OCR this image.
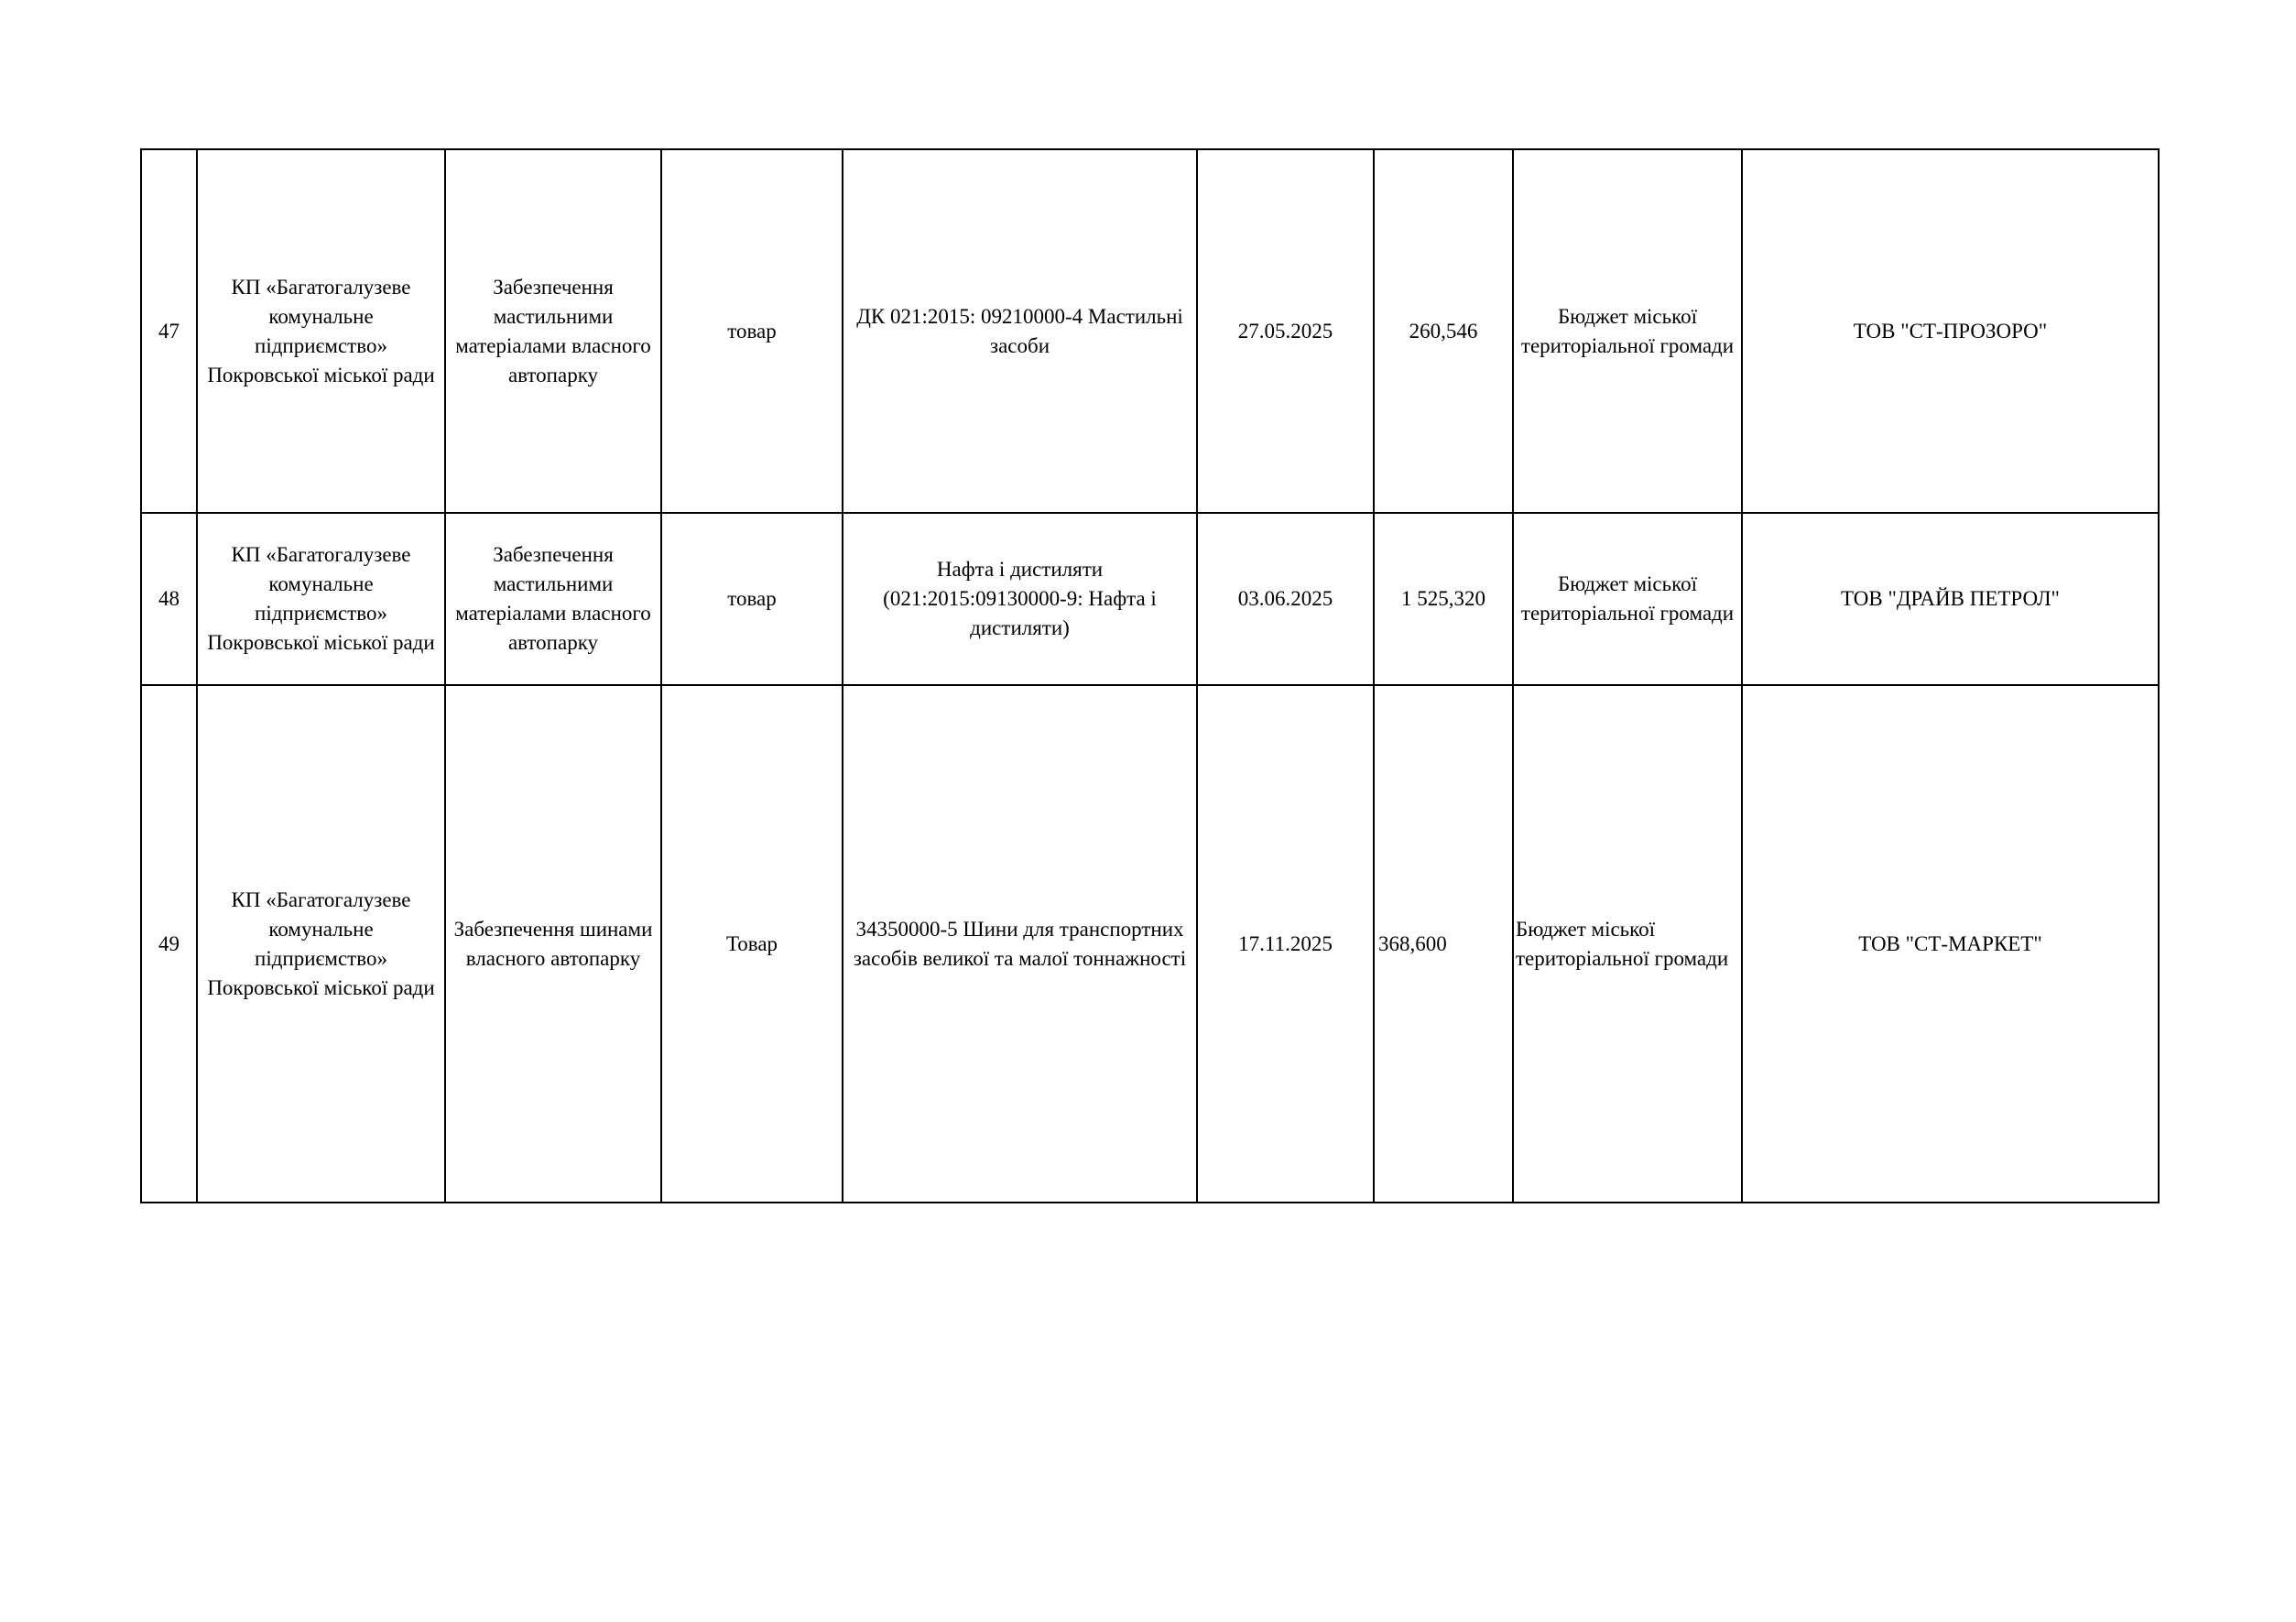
47	КП «Багатогалузеве комунальне підприємство» Покровської міської ради	Забезпечення мастильними матеріалами власного автопарку	товар	ДК 021:2015: 09210000-4 Мастильні засоби	27.05.2025	260,546	Бюджет міської територіальної громади	ТОВ "СТ-ПРОЗОРО"

48	КП «Багатогалузеве комунальне підприємство» Покровської міської ради	Забезпечення мастильними матеріалами власного автопарку	товар	Нафта і дистиляти (021:2015:09130000-9: Нафта і дистиляти)	03.06.2025	1 525,320	Бюджет міської територіальної громади	ТОВ "ДРАЙВ ПЕТРОЛ"

49	КП «Багатогалузеве комунальне підприємство» Покровської міської ради	Забезпечення шинами власного автопарку	Товар	34350000-5 Шини для транспортних засобів великої та малої тоннажності	17.11.2025	368,600	Бюджет міської територіальної громади	ТОВ "СТ-МАРКЕТ"
